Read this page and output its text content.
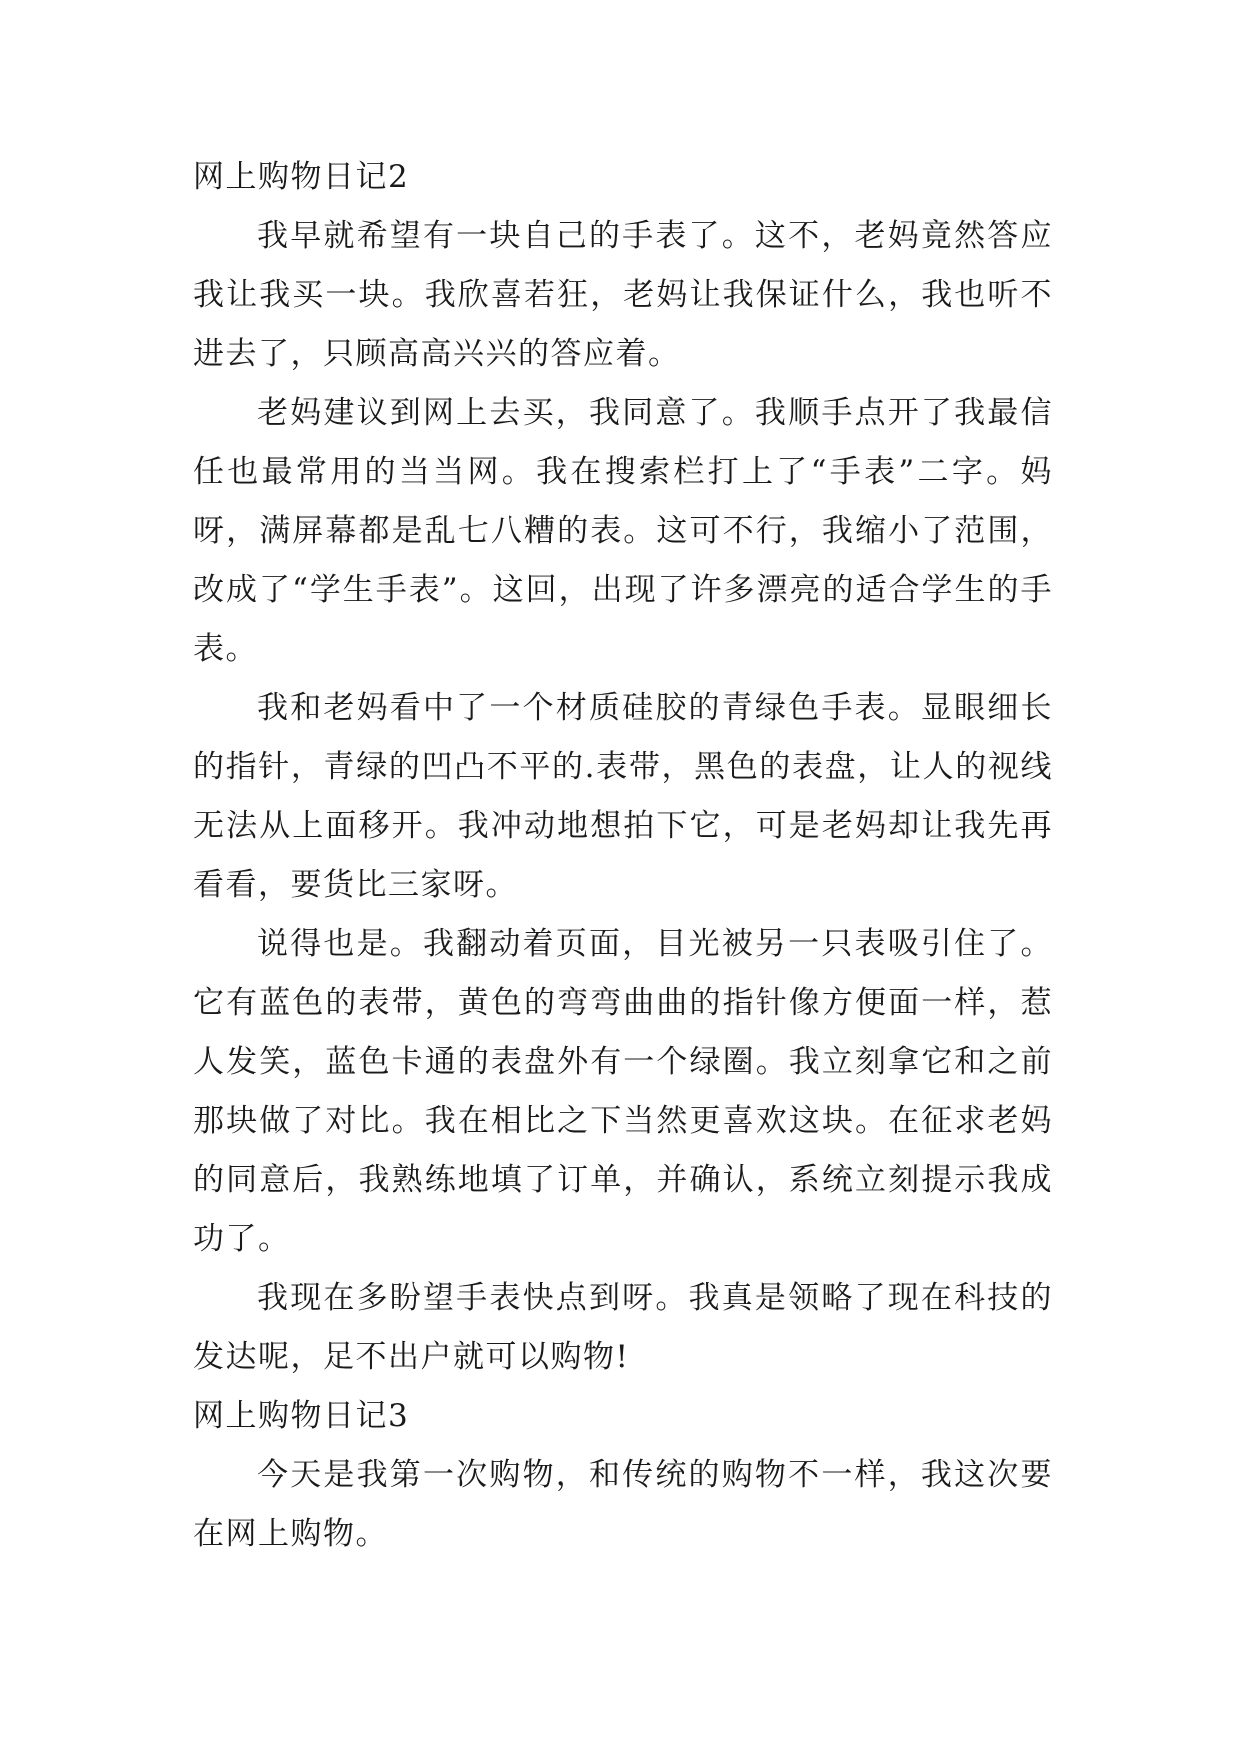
网上购物日记2

我早就希望有一块自己的手表了。这不，老妈竟然答应我让我买一块。我欣喜若狂，老妈让我保证什么，我也听不进去了，只顾高高兴兴的答应着。

老妈建议到网上去买，我同意了。我顺手点开了我最信任也最常用的当当网。我在搜索栏打上了“手表”二字。妈呀，满屏幕都是乱七八糟的表。这可不行，我缩小了范围，改成了“学生手表”。这回，出现了许多漂亮的适合学生的手表。

我和老妈看中了一个材质硅胶的青绿色手表。显眼细长的指针，青绿的凹凸不平的.表带，黑色的表盘，让人的视线无法从上面移开。我冲动地想拍下它，可是老妈却让我先再看看，要货比三家呀。

说得也是。我翻动着页面，目光被另一只表吸引住了。它有蓝色的表带，黄色的弯弯曲曲的指针像方便面一样，惹人发笑，蓝色卡通的表盘外有一个绿圈。我立刻拿它和之前那块做了对比。我在相比之下当然更喜欢这块。在征求老妈的同意后，我熟练地填了订单，并确认，系统立刻提示我成功了。

我现在多盼望手表快点到呀。我真是领略了现在科技的发达呢，足不出户就可以购物!

网上购物日记3

今天是我第一次购物，和传统的购物不一样，我这次要在网上购物。
